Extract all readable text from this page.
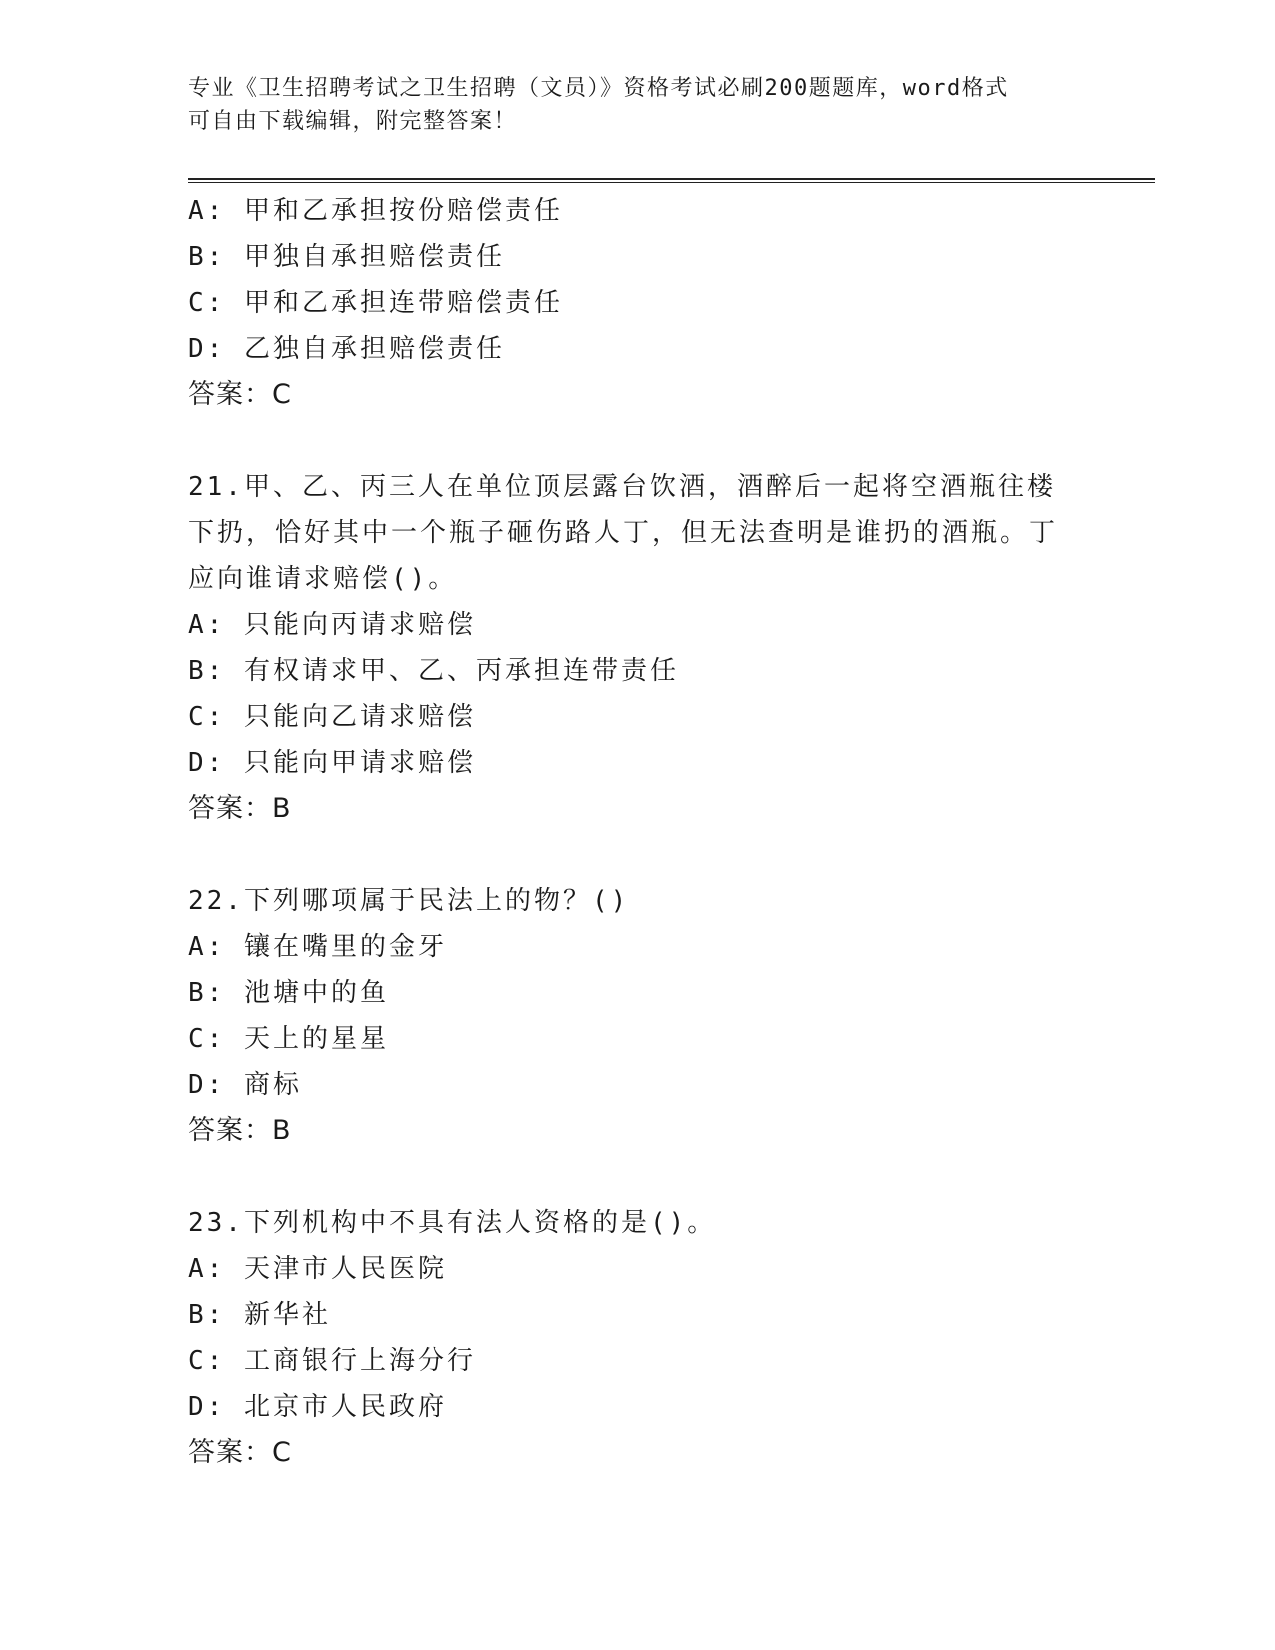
专业《卫生招聘考试之卫生招聘（文员）》资格考试必刷200题题库，word格式
可自由下载编辑，附完整答案！
A: 甲和乙承担按份赔偿责任
B: 甲独自承担赔偿责任
C: 甲和乙承担连带赔偿责任
D: 乙独自承担赔偿责任
答案：C
21.甲、乙、丙三人在单位顶层露台饮酒，酒醉后一起将空酒瓶往楼下扔，恰好其中一个瓶子砸伤路人丁，但无法查明是谁扔的酒瓶。丁应向谁请求赔偿()。
A: 只能向丙请求赔偿
B: 有权请求甲、乙、丙承担连带责任
C: 只能向乙请求赔偿
D: 只能向甲请求赔偿
答案：B
22.下列哪项属于民法上的物？()
A: 镶在嘴里的金牙
B: 池塘中的鱼
C: 天上的星星
D: 商标
答案：B
23.下列机构中不具有法人资格的是()。
A: 天津市人民医院
B: 新华社
C: 工商银行上海分行
D: 北京市人民政府
答案：C
